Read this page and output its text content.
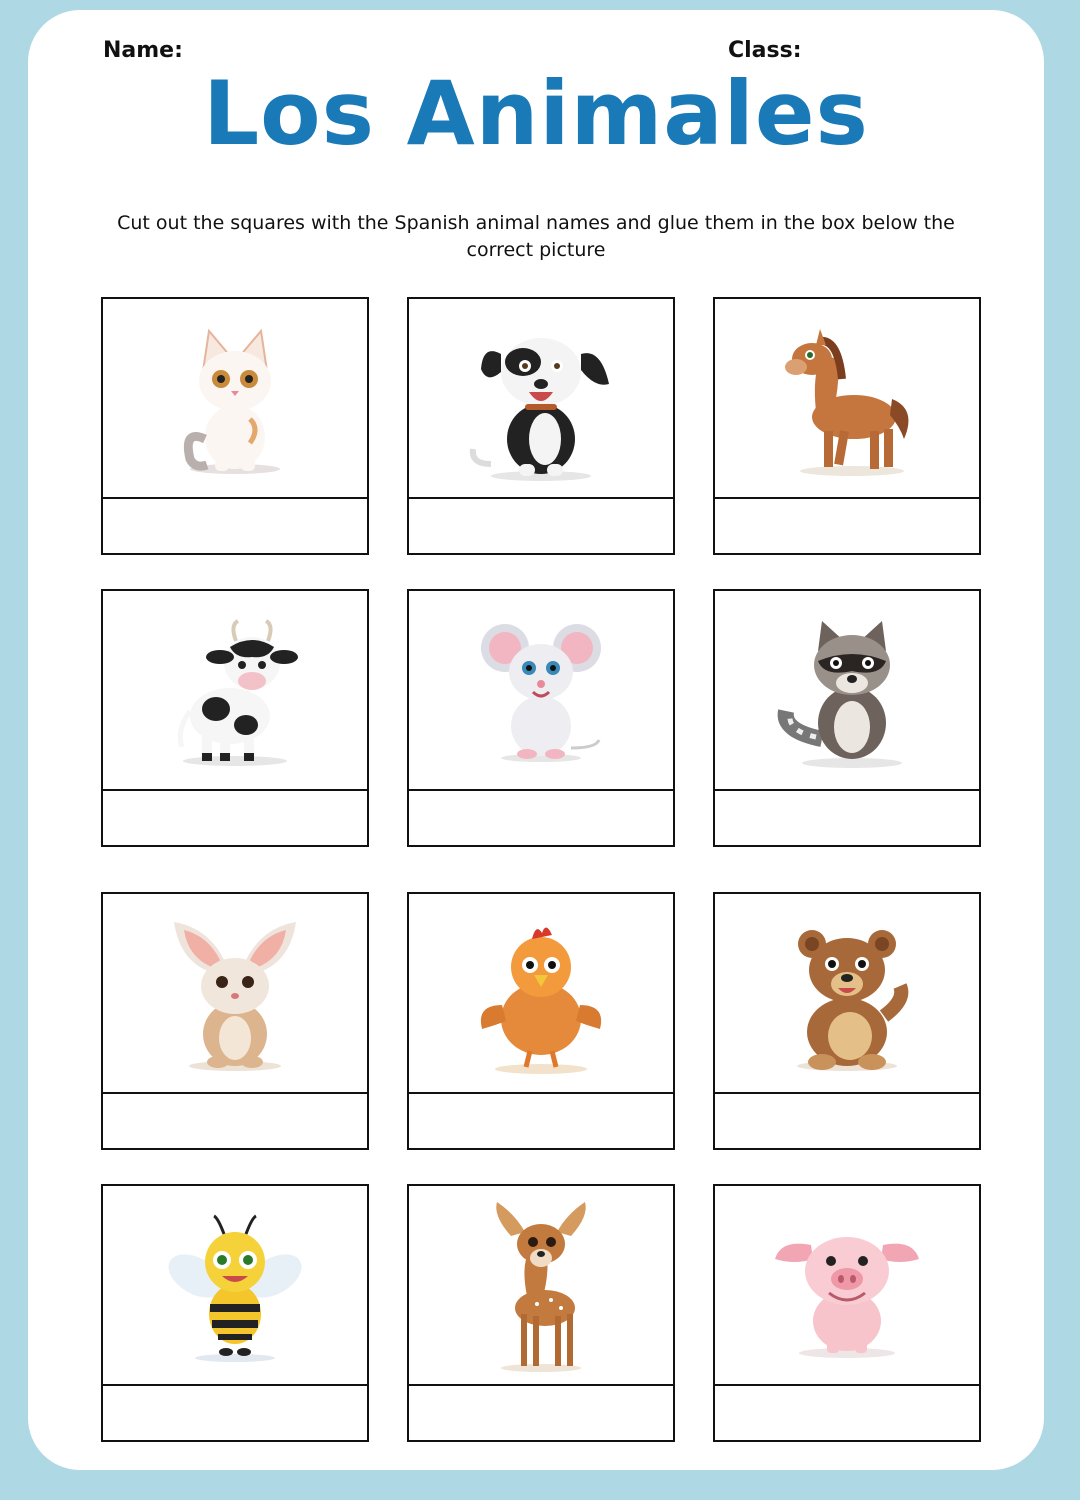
Name:	Class:
Los Animales
Cut out the squares with the Spanish animal names and glue them in the box below the correct picture
